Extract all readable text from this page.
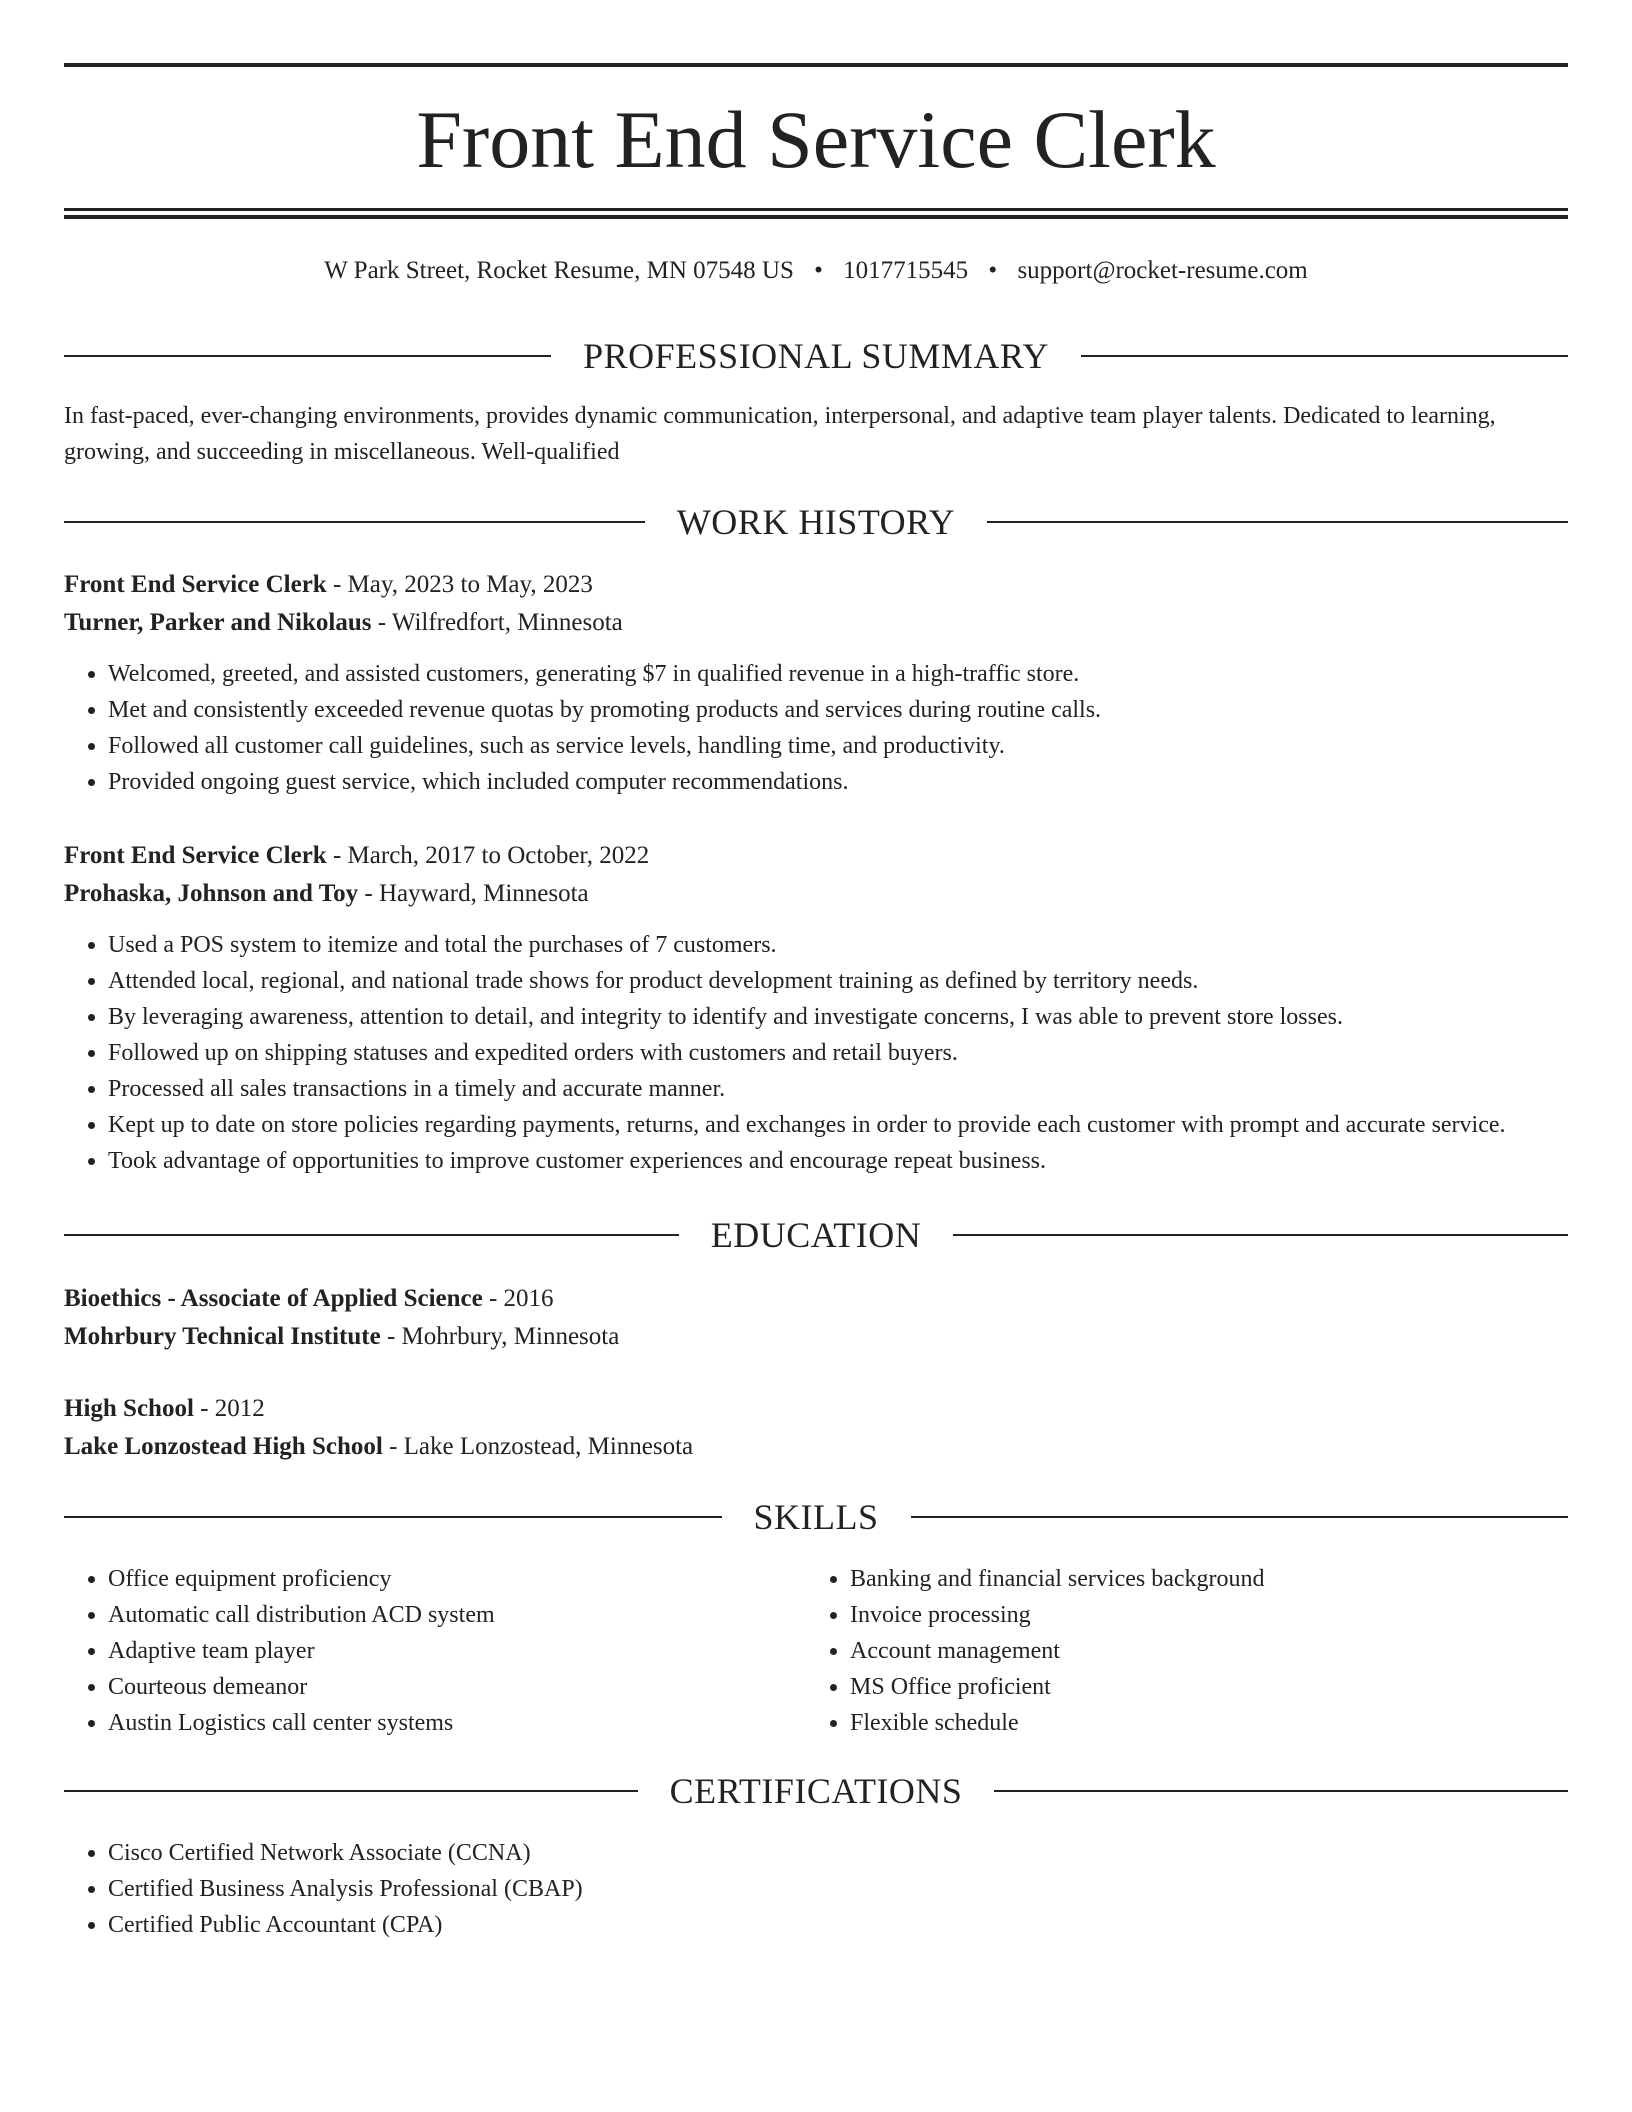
Front End Service Clerk
W Park Street, Rocket Resume, MN 07548 US • 1017715545 • support@rocket-resume.com
PROFESSIONAL SUMMARY

In fast-paced, ever-changing environments, provides dynamic communication, interpersonal, and adaptive team player talents. Dedicated to learning, growing, and succeeding in miscellaneous. Well-qualified

WORK HISTORY

Front End Service Clerk - May, 2023 to May, 2023

Turner, Parker and Nikolaus - Wilfredfort, Minnesota

• Welcomed, greeted, and assisted customers, generating $7 in qualified revenue in a high-traffic store.
• Met and consistently exceeded revenue quotas by promoting products and services during routine calls.
• Followed all customer call guidelines, such as service levels, handling time, and productivity.
• Provided ongoing guest service, which included computer recommendations.

Front End Service Clerk - March, 2017 to October, 2022

Prohaska, Johnson and Toy - Hayward, Minnesota

• Used a POS system to itemize and total the purchases of 7 customers.
• Attended local, regional, and national trade shows for product development training as defined by territory needs.
• By leveraging awareness, attention to detail, and integrity to identify and investigate concerns, I was able to prevent store losses.
• Followed up on shipping statuses and expedited orders with customers and retail buyers.
• Processed all sales transactions in a timely and accurate manner.
• Kept up to date on store policies regarding payments, returns, and exchanges in order to provide each customer with prompt and accurate service.
• Took advantage of opportunities to improve customer experiences and encourage repeat business.
EDUCATION

Bioethics - Associate of Applied Science - 2016

Mohrbury Technical Institute - Mohrbury, Minnesota

High School - 2012

Lake Lonzostead High School - Lake Lonzostead, Minnesota

SKILLS
• Office equipment proficiency
• Automatic call distribution ACD system
• Adaptive team player
• Courteous demeanor
• Austin Logistics call center systems
• Banking and financial services background
• Invoice processing
• Account management
• MS Office proficient
• Flexible schedule
CERTIFICATIONS
• Cisco Certified Network Associate (CCNA)
• Certified Business Analysis Professional (CBAP)
• Certified Public Accountant (CPA)
